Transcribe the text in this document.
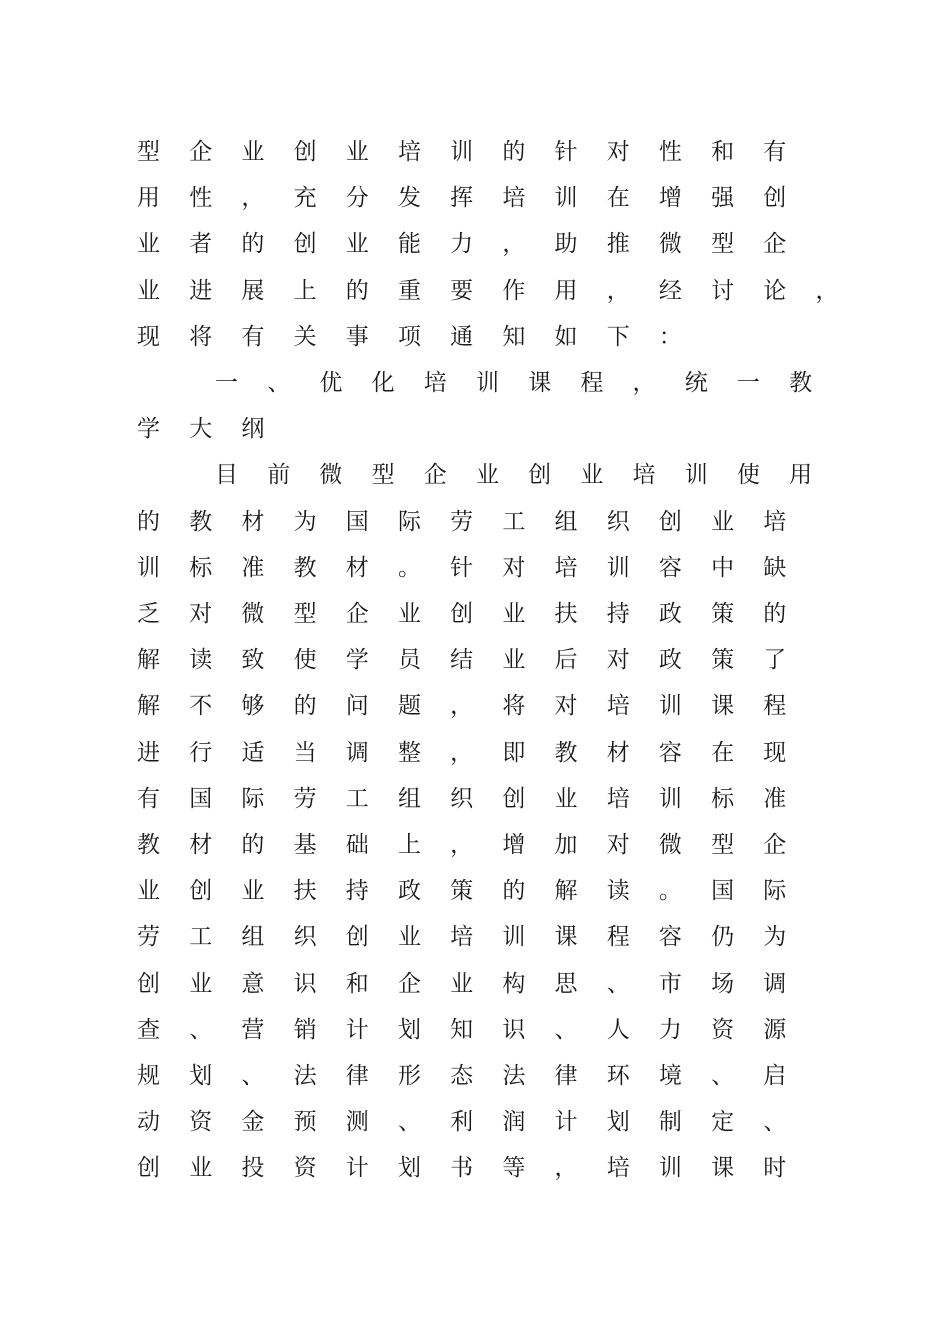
型	企	业	创	业	培	训	的	针	对	性	和	有
用	性	，	充	分	发	挥	培	训	在	增	强	创
业	者	的	创	业	能	力	，	助	推	微	型	企
业	进	展	上	的	重	要	作	用	，	经	讨	论	，
现	将	有	关	事	项	通	知	如	下	：
一	、	优	化	培	训	课	程	，	统	一	教
学	大	纲
目	前	微	型	企	业	创	业	培	训	使	用
的	教	材	为	国	际	劳	工	组	织	创	业	培
训	标	准	教	材	。	针	对	培	训	容	中	缺
乏	对	微	型	企	业	创	业	扶	持	政	策	的
解	读	致	使	学	员	结	业	后	对	政	策	了
解	不	够	的	问	题	，	将	对	培	训	课	程
进	行	适	当	调	整	，	即	教	材	容	在	现
有	国	际	劳	工	组	织	创	业	培	训	标	准
教	材	的	基	础	上	，	增	加	对	微	型	企
业	创	业	扶	持	政	策	的	解	读	。	国	际
劳	工	组	织	创	业	培	训	课	程	容	仍	为
创	业	意	识	和	企	业	构	思	、	市	场	调
查	、	营	销	计	划	知	识	、	人	力	资	源
规	划	、	法	律	形	态	法	律	环	境	、	启
动	资	金	预	测	、	利	润	计	划	制	定	、
创	业	投	资	计	划	书	等	，	培	训	课	时
